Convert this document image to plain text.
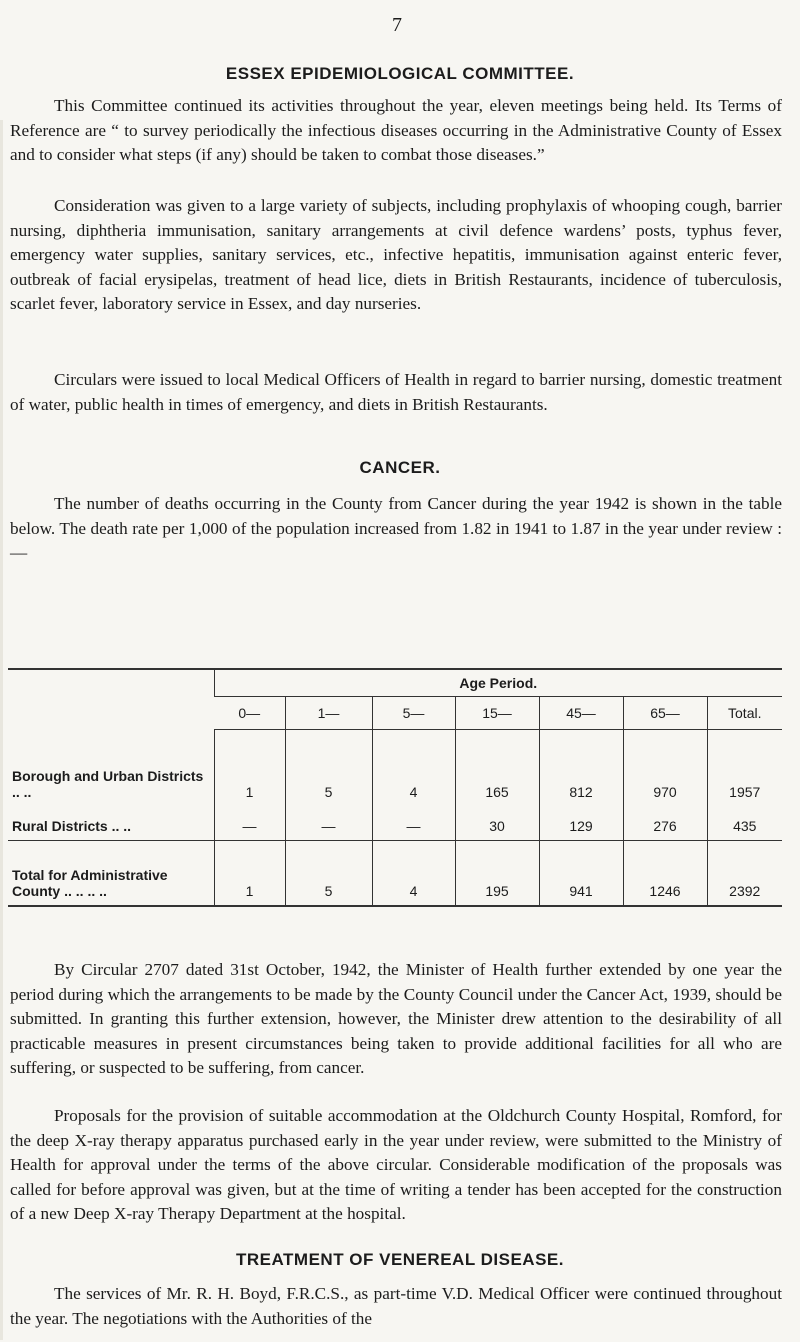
7
ESSEX EPIDEMIOLOGICAL COMMITTEE.

This Committee continued its activities throughout the year, eleven meetings being held. Its Terms of Reference are “ to survey periodically the infectious diseases occurring in the Administrative County of Essex and to consider what steps (if any) should be taken to combat those diseases.”

Consideration was given to a large variety of subjects, including prophylaxis of whooping cough, barrier nursing, diphtheria immunisation, sanitary arrangements at civil defence wardens’ posts, typhus fever, emergency water supplies, sanitary services, etc., infective hepatitis, immunisation against enteric fever, outbreak of facial erysipelas, treatment of head lice, diets in British Restaurants, incidence of tuberculosis, scarlet fever, laboratory service in Essex, and day nurseries.

Circulars were issued to local Medical Officers of Health in regard to barrier nursing, domestic treatment of water, public health in times of emergency, and diets in British Restaurants.

CANCER.

The number of deaths occurring in the County from Cancer during the year 1942 is shown in the table below. The death rate per 1,000 of the population increased from 1.82 in 1941 to 1.87 in the year under review :—

	Age Period.						
	0—	1—	5—	15—	45—	65—	Total.
Borough and Urban Districts .. ..	1	5	4	165	812	970	1957
Rural Districts .. ..	—	—	—	30	129	276	435
Total for Administrative County .. .. .. ..	1	5	4	195	941	1246	2392

By Circular 2707 dated 31st October, 1942, the Minister of Health further extended by one year the period during which the arrangements to be made by the County Council under the Cancer Act, 1939, should be submitted. In granting this further extension, however, the Minister drew attention to the desirability of all practicable measures in present circumstances being taken to provide additional facilities for all who are suffering, or suspected to be suffering, from cancer.

Proposals for the provision of suitable accommodation at the Oldchurch County Hospital, Romford, for the deep X-ray therapy apparatus purchased early in the year under review, were submitted to the Ministry of Health for approval under the terms of the above circular. Considerable modification of the proposals was called for before approval was given, but at the time of writing a tender has been accepted for the construction of a new Deep X-ray Therapy Department at the hospital.

TREATMENT OF VENEREAL DISEASE.

The services of Mr. R. H. Boyd, F.R.C.S., as part-time V.D. Medical Officer were continued throughout the year. The negotiations with the Authorities of the
